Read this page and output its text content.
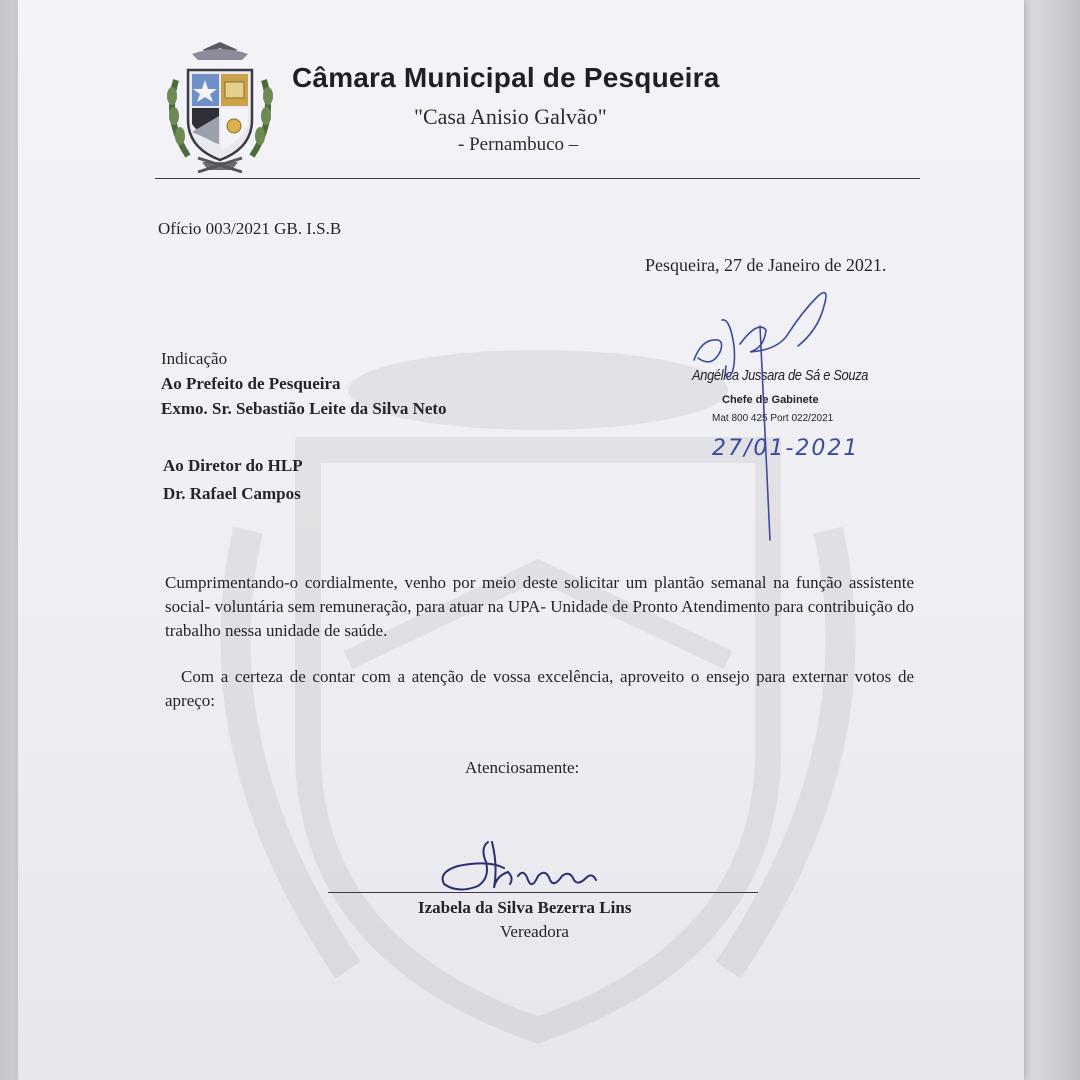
Câmara Municipal de Pesqueira
"Casa Anisio Galvão"
- Pernambuco –
Ofício 003/2021 GB. I.S.B
Pesqueira, 27 de Janeiro de 2021.
Indicação
Ao Prefeito de Pesqueira
Exmo. Sr. Sebastião Leite da Silva Neto
Ao Diretor do HLP
Dr. Rafael Campos
Cumprimentando-o cordialmente, venho por meio deste solicitar um plantão semanal na função assistente social- voluntária sem remuneração, para atuar na UPA- Unidade de Pronto Atendimento para contribuição do trabalho nessa unidade de saúde.
Com a certeza de contar com a atenção de vossa excelência, aproveito o ensejo para externar votos de apreço:
Atenciosamente:
Angélica Jussara de Sá e Souza
Chefe de Gabinete
Mat 800 425 Port 022/2021
27/01-2021
Izabela da Silva Bezerra Lins
Vereadora
